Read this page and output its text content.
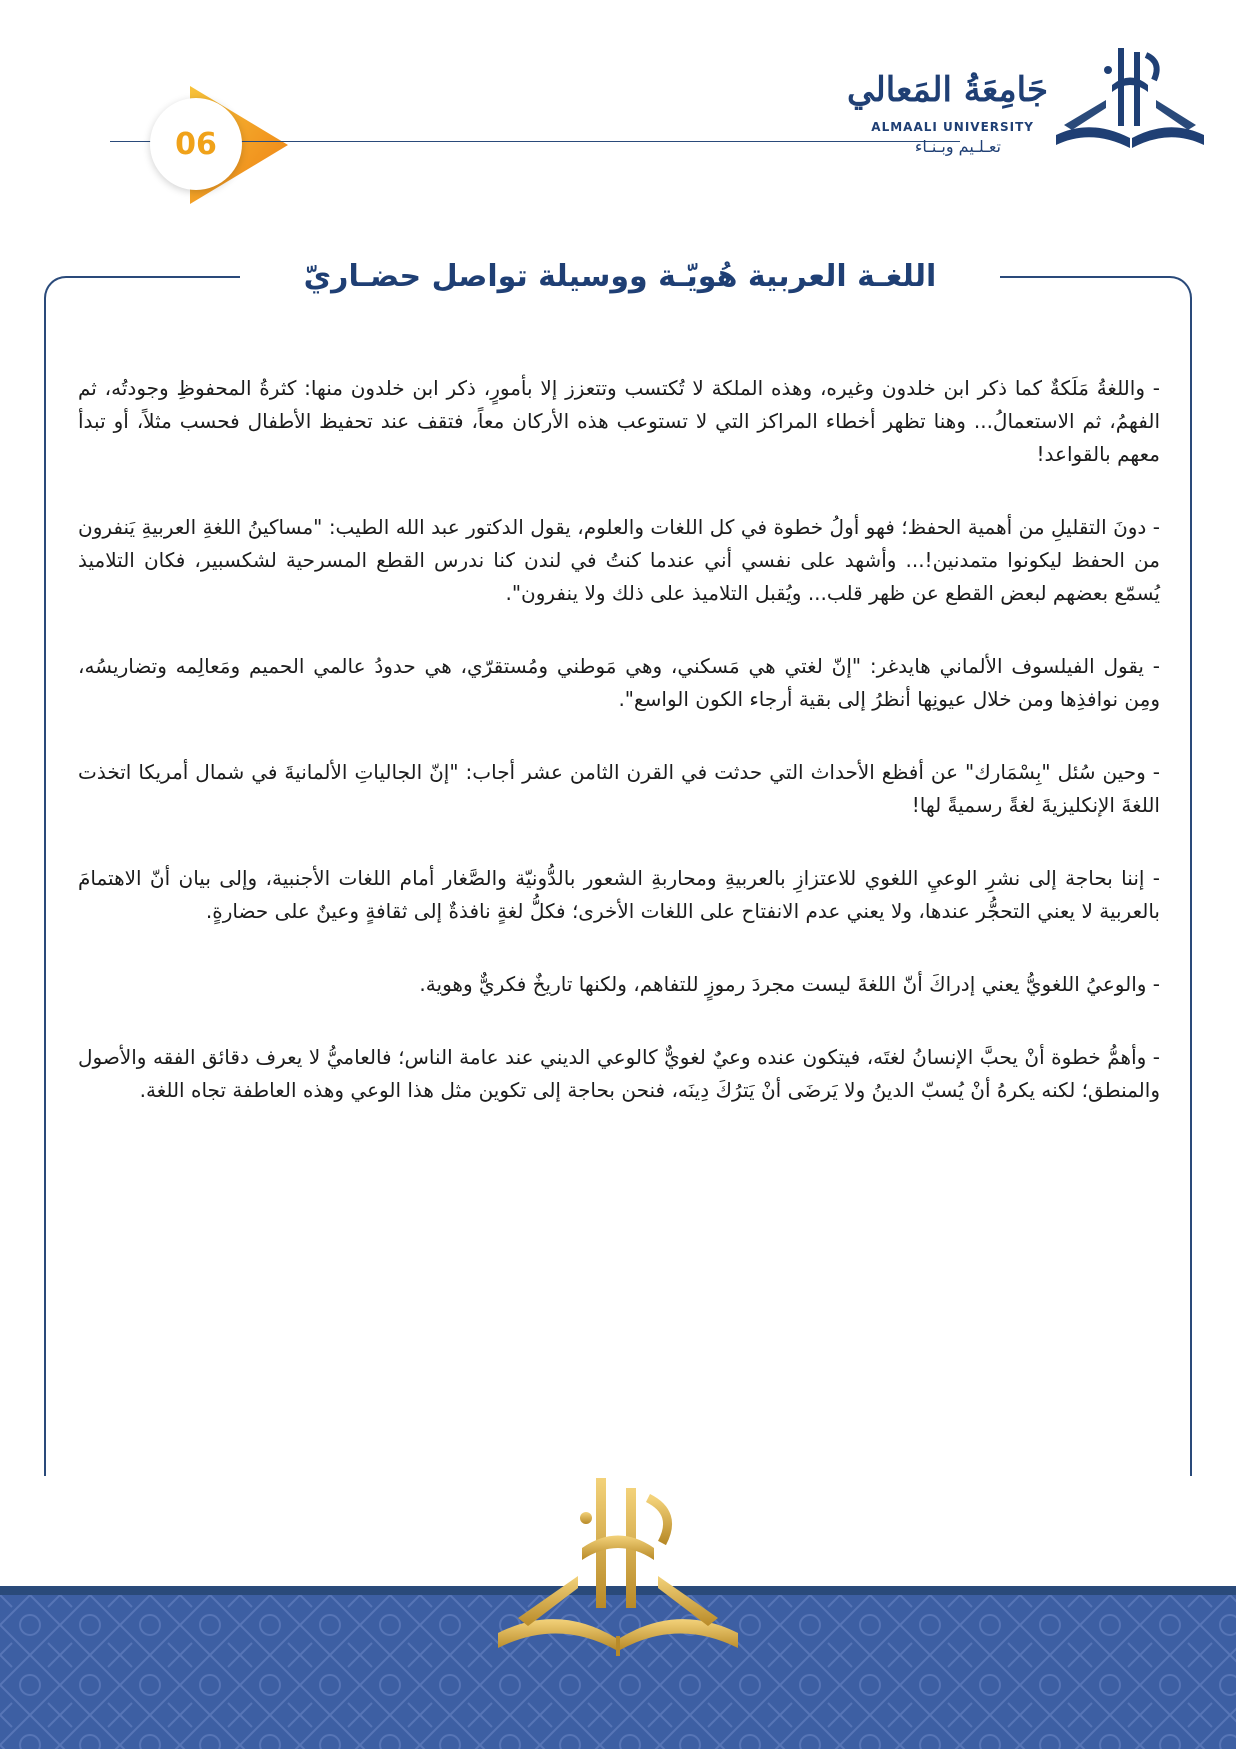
06
جَامِعَةُ المَعالي
ALMAALI UNIVERSITY
تعـلـيم وبـنـاء
اللغـة العربية هُويّـة ووسيلة تواصل حضـاريّ

- واللغةُ مَلَكةٌ كما ذكر ابن خلدون وغيره، وهذه الملكة لا تُكتسب وتتعزز إلا بأمورٍ، ذكر ابن خلدون منها: كثرةُ المحفوظِ وجودتُه، ثم الفهمُ، ثم الاستعمالُ... وهنا تظهر أخطاء المراكز التي لا تستوعب هذه الأركان معاً، فتقف عند تحفيظ الأطفال فحسب مثلاً، أو تبدأ معهم بالقواعد!

- دونَ التقليلِ من أهمية الحفظ؛ فهو أولُ خطوة في كل اللغات والعلوم، يقول الدكتور عبد الله الطيب: "مساكينُ اللغةِ العربيةِ يَنفرون من الحفظ ليكونوا متمدنين!... وأشهد على نفسي أني عندما كنتُ في لندن كنا ندرس القطع المسرحية لشكسبير، فكان التلاميذ يُسمّع بعضهم لبعض القطع عن ظهر قلب... ويُقبل التلاميذ على ذلك ولا ينفرون".

- يقول الفيلسوف الألماني هايدغر: "إنّ لغتي هي مَسكني، وهي مَوطني ومُستقرّي، هي حدودُ عالمي الحميم ومَعالِمه وتضاريسُه، ومِن نوافذِها ومن خلال عيونِها أنظرُ إلى بقية أرجاء الكون الواسع".

- وحين سُئل "بِسْمَارك" عن أفظع الأحداث التي حدثت في القرن الثامن عشر أجاب: "إنّ الجالياتِ الألمانيةَ في شمال أمريكا اتخذت اللغةَ الإنكليزيةَ لغةً رسميةً لها!

- إننا بحاجة إلى نشرِ الوعيِ اللغوي للاعتزازِ بالعربيةِ ومحاربةِ الشعور بالدُّونيّة والصَّغار أمام اللغات الأجنبية، وإلى بيان أنّ الاهتمامَ بالعربية لا يعني التحجُّر عندها، ولا يعني عدم الانفتاح على اللغات الأخرى؛ فكلُّ لغةٍ نافذةٌ إلى ثقافةٍ وعينٌ على حضارةٍ.

- والوعيُ اللغويُّ يعني إدراكَ أنّ اللغةَ ليست مجردَ رموزٍ للتفاهم، ولكنها تاريخٌ فكريٌّ وهوية.

- وأهمُّ خطوة أنْ يحبَّ الإنسانُ لغتَه، فيتكون عنده وعيٌ لغويٌّ كالوعي الديني عند عامة الناس؛ فالعاميُّ لا يعرف دقائق الفقه والأصول والمنطق؛ لكنه يكرهُ أنْ يُسبّ الدينُ ولا يَرضَى أنْ يَترُكَ دِينَه، فنحن بحاجة إلى تكوين مثل هذا الوعي وهذه العاطفة تجاه اللغة.
